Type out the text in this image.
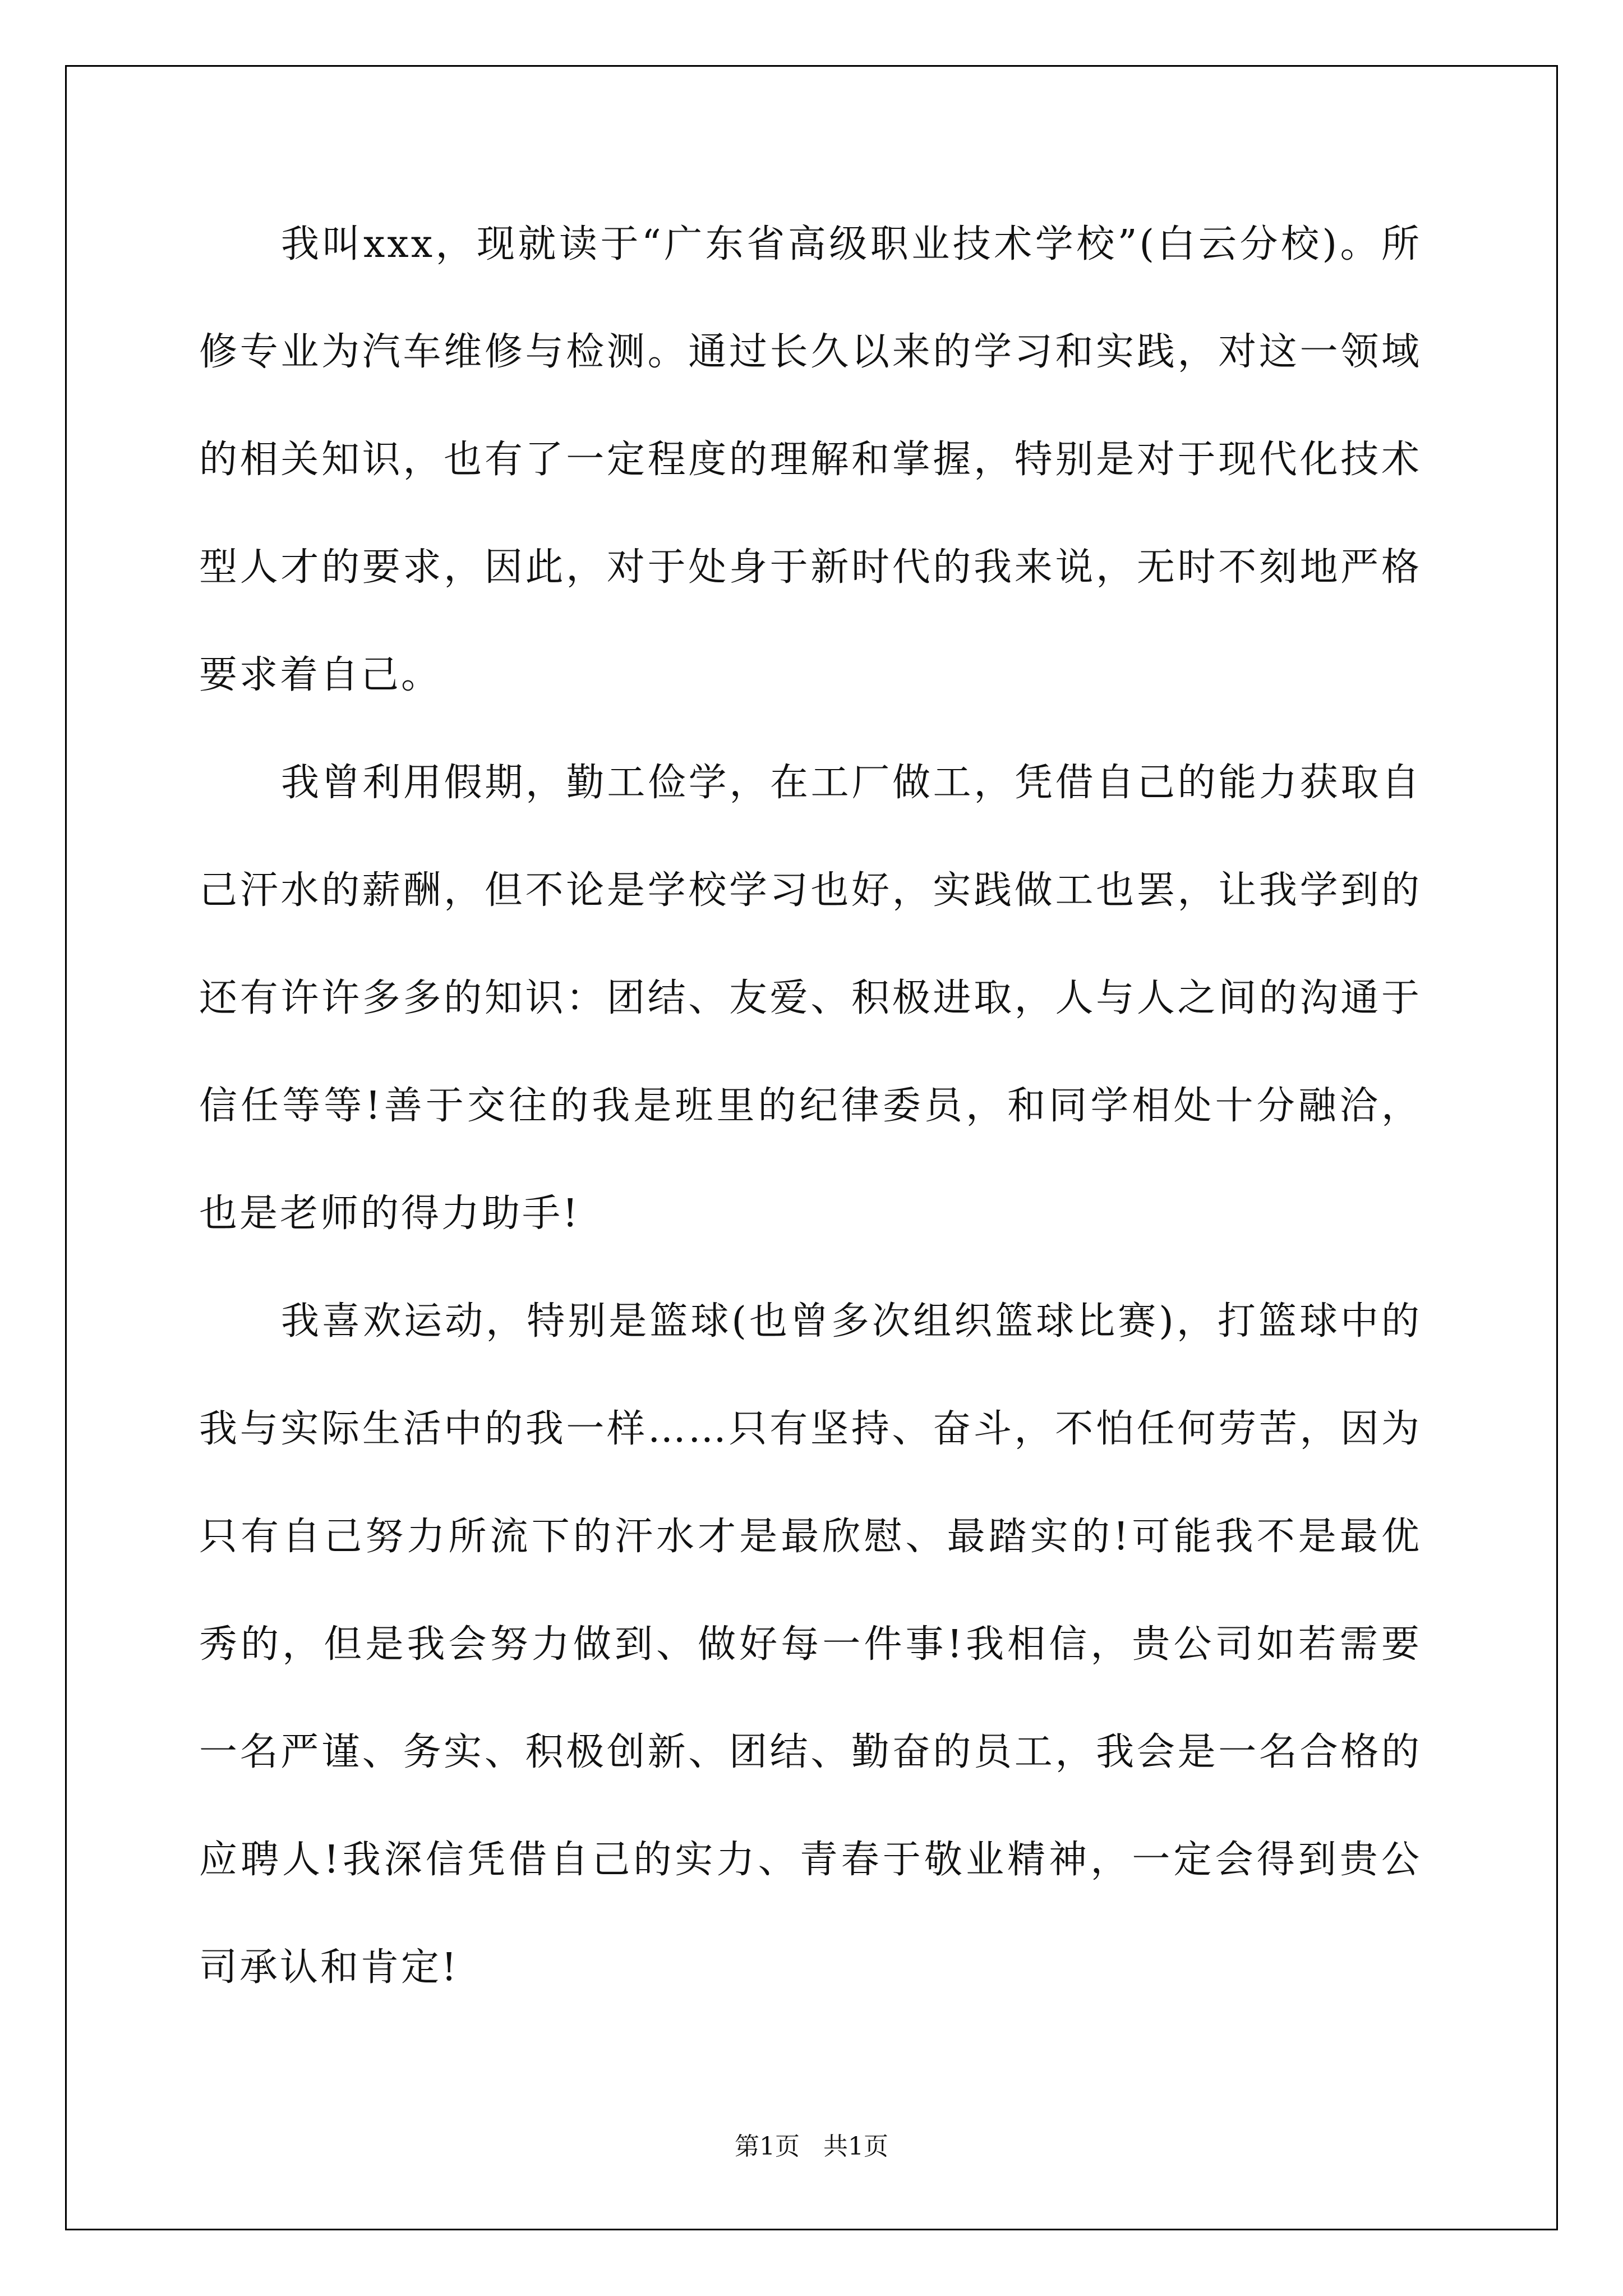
我叫xxx，现就读于“广东省高级职业技术学校”(白云分校)。所修专业为汽车维修与检测。通过长久以来的学习和实践，对这一领域的相关知识，也有了一定程度的理解和掌握，特别是对于现代化技术型人才的要求，因此，对于处身于新时代的我来说，无时不刻地严格要求着自己。

我曾利用假期，勤工俭学，在工厂做工，凭借自己的能力获取自己汗水的薪酬，但不论是学校学习也好，实践做工也罢，让我学到的还有许许多多的知识：团结、友爱、积极进取，人与人之间的沟通于信任等等!善于交往的我是班里的纪律委员，和同学相处十分融洽，也是老师的得力助手!

我喜欢运动，特别是篮球(也曾多次组织篮球比赛)，打篮球中的我与实际生活中的我一样……只有坚持、奋斗，不怕任何劳苦，因为只有自己努力所流下的汗水才是最欣慰、最踏实的!可能我不是最优秀的，但是我会努力做到、做好每一件事!我相信，贵公司如若需要一名严谨、务实、积极创新、团结、勤奋的员工，我会是一名合格的应聘人!我深信凭借自己的实力、青春于敬业精神，一定会得到贵公司承认和肯定!

第1页   共1页
